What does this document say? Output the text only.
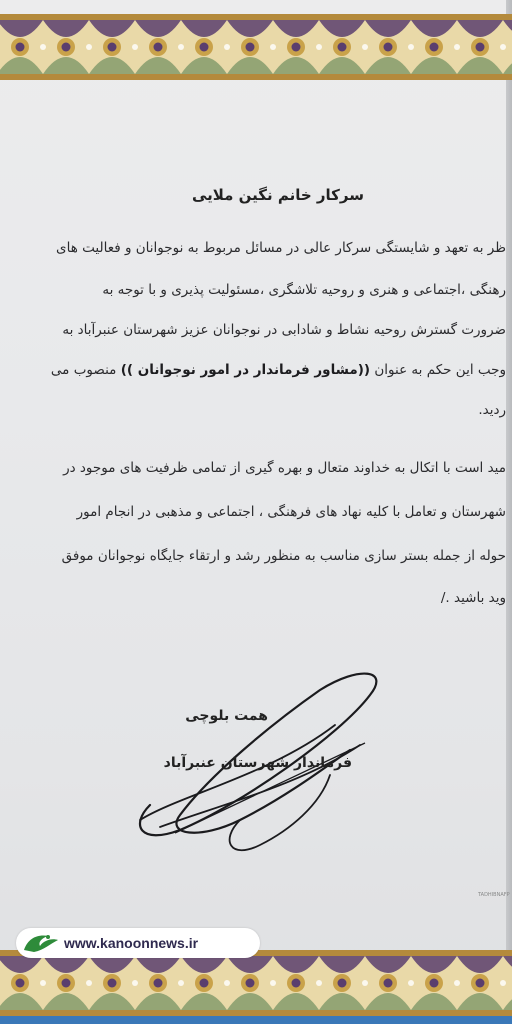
سرکار خانم نگین ملایی
ظر به تعهد و شایستگی سرکار عالی در مسائل مربوط به نوجوانان و فعالیت های
رهنگی ،اجتماعی و هنری و روحیه تلاشگری ،مسئولیت پذیری و با توجه به
ضرورت گسترش روحیه نشاط و شادابی در نوجوانان عزیز شهرستان عنبرآباد به
وجب این حکم به عنوان ((مشاور فرماندار در امور نوجوانان )) منصوب می
ردید.
مید است با اتکال به خداوند متعال و بهره گیری از تمامی ظرفیت های موجود در
شهرستان و تعامل با کلیه نهاد های فرهنگی ، اجتماعی و مذهبی در انجام امور
حوله از جمله بستر سازی مناسب به منظور رشد و ارتقاء جایگاه نوجوانان موفق
وید باشید ./
همت بلوچی
فرماندار شهرستان عنبرآباد
TADHIBNAFP
www.kanoonnews.ir
